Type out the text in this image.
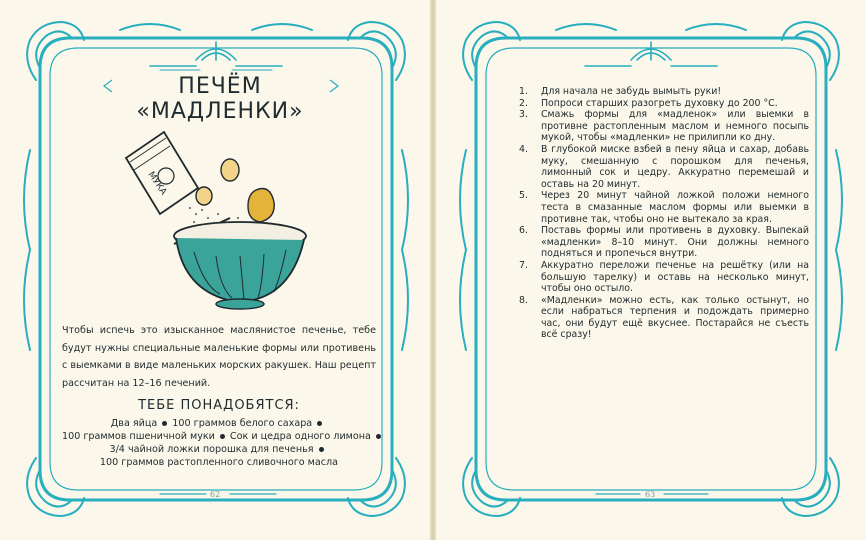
ПЕЧЁМ «МАДЛЕНКИ»
МУКА
Чтобы испечь это изысканное маслянистое печенье, тебе будут нужны специальные маленькие формы или противень с выемками в виде маленьких морских ракушек. Наш рецепт рассчитан на 12–16 печений.
ТЕБЕ ПОНАДОБЯТСЯ:
Два яйца 100 граммов белого сахара
100 граммов пшеничной муки Сок и цедра одного лимона
3/4 чайной ложки порошка для печенья
100 граммов растопленного сливочного масла
62
1. Для начала не забудь вымыть руки!
2. Попроси старших разогреть духовку до 200 °С.
3. Смажь формы для «мадленок» или выемки в противне растопленным маслом и немного посыпь мукой, чтобы «мадленки» не прилипли ко дну.
4. В глубокой миске взбей в пену яйца и сахар, добавь муку, смешанную с порошком для печенья, лимонный сок и цедру. Аккуратно перемешай и оставь на 20 минут.
5. Через 20 минут чайной ложкой положи немного теста в смазанные маслом формы или выемки в противне так, чтобы оно не вытекало за края.
6. Поставь формы или противень в духовку. Выпекай «мадленки» 8–10 минут. Они должны немного подняться и пропечься внутри.
7. Аккуратно переложи печенье на решётку (или на большую тарелку) и оставь на несколько минут, чтобы оно остыло.
8. «Мадленки» можно есть, как только остынут, но если набраться терпения и подождать примерно час, они будут ещё вкуснее. Постарайся не съесть всё сразу!
63
